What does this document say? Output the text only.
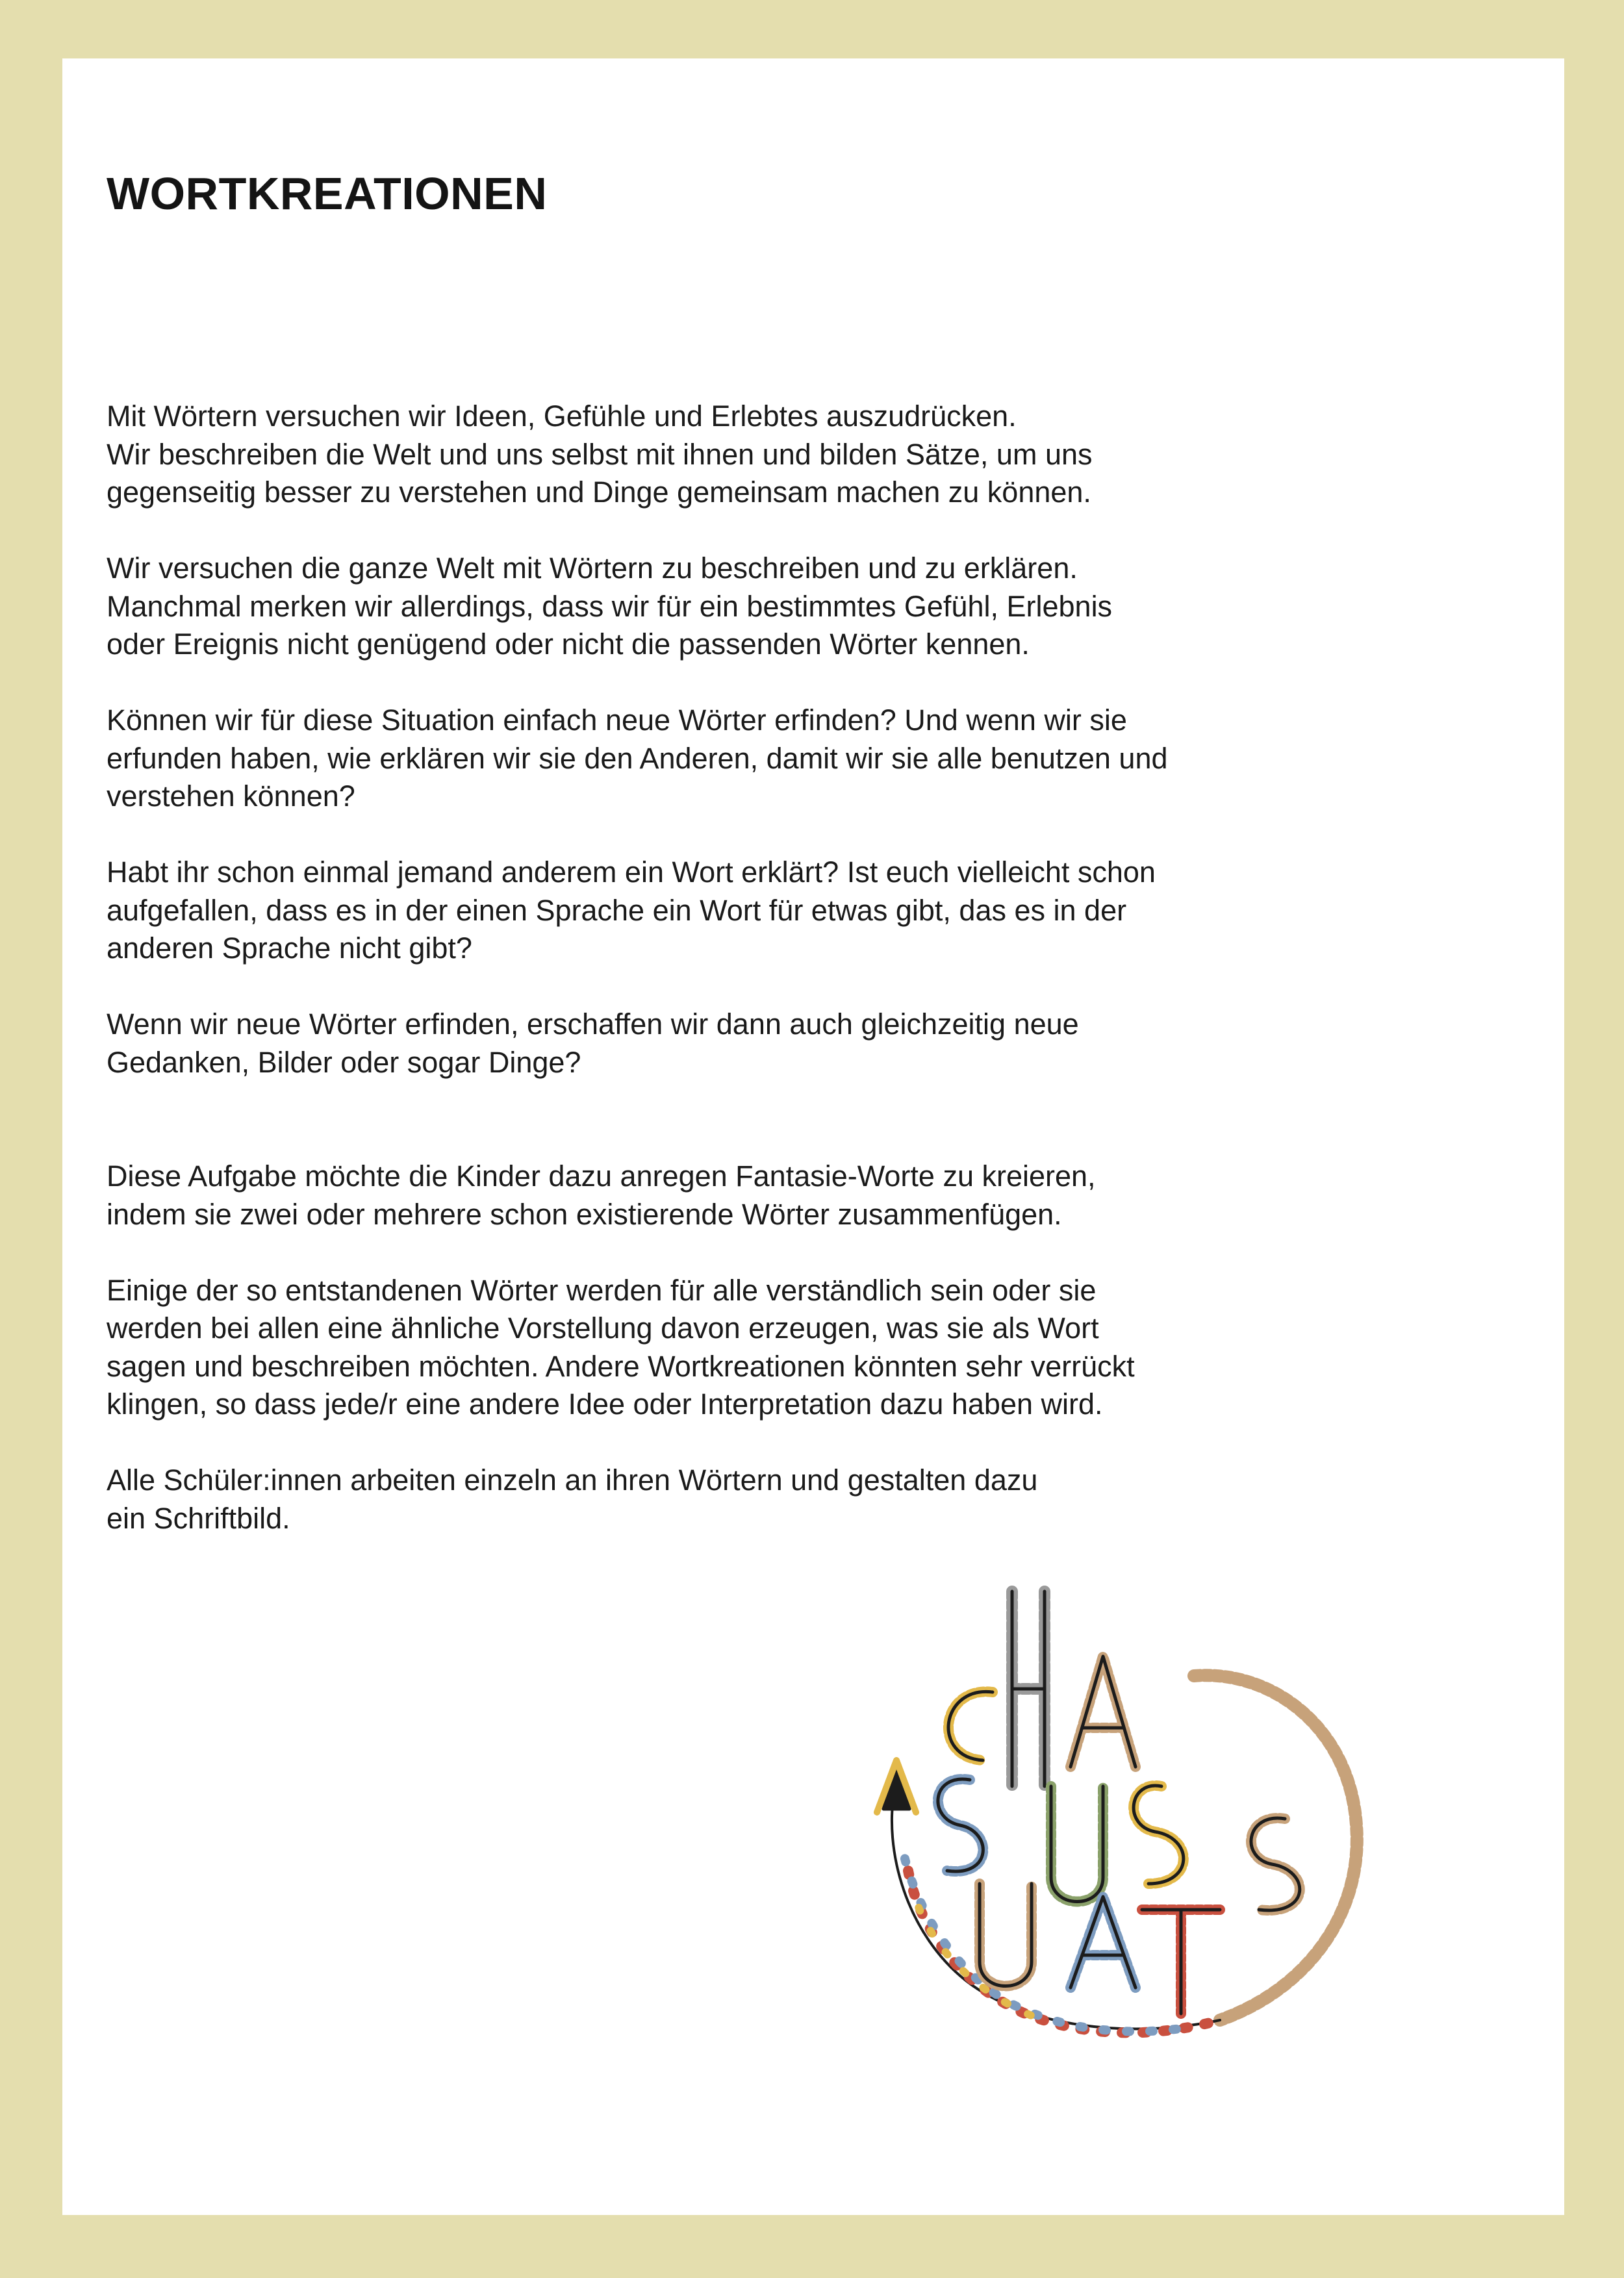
WORTKREATIONEN

Mit Wörtern versuchen wir Ideen, Gefühle und Erlebtes auszudrücken.
Wir beschreiben die Welt und uns selbst mit ihnen und bilden Sätze, um uns
gegenseitig besser zu verstehen und Dinge gemeinsam machen zu können.

Wir versuchen die ganze Welt mit Wörtern zu beschreiben und zu erklären.
Manchmal merken wir allerdings, dass wir für ein bestimmtes Gefühl, Erlebnis
oder Ereignis nicht genügend oder nicht die passenden Wörter kennen.

Können wir für diese Situation einfach neue Wörter erfinden? Und wenn wir sie
erfunden haben, wie erklären wir sie den Anderen, damit wir sie alle benutzen und
verstehen können?

Habt ihr schon einmal jemand anderem ein Wort erklärt? Ist euch vielleicht schon
aufgefallen, dass es in der einen Sprache ein Wort für etwas gibt, das es in der
anderen Sprache nicht gibt?

Wenn wir neue Wörter erfinden, erschaffen wir dann auch gleichzeitig neue
Gedanken, Bilder oder sogar Dinge?

Diese Aufgabe möchte die Kinder dazu anregen Fantasie-Worte zu kreieren,
indem sie zwei oder mehrere schon existierende Wörter zusammenfügen.

Einige der so entstandenen Wörter werden für alle verständlich sein oder sie
werden bei allen eine ähnliche Vorstellung davon erzeugen, was sie als Wort
sagen und beschreiben möchten. Andere Wortkreationen könnten sehr verrückt
klingen, so dass jede/r eine andere Idee oder Interpretation dazu haben wird.

Alle Schüler:innen arbeiten einzeln an ihren Wörtern und gestalten dazu
ein Schriftbild.
